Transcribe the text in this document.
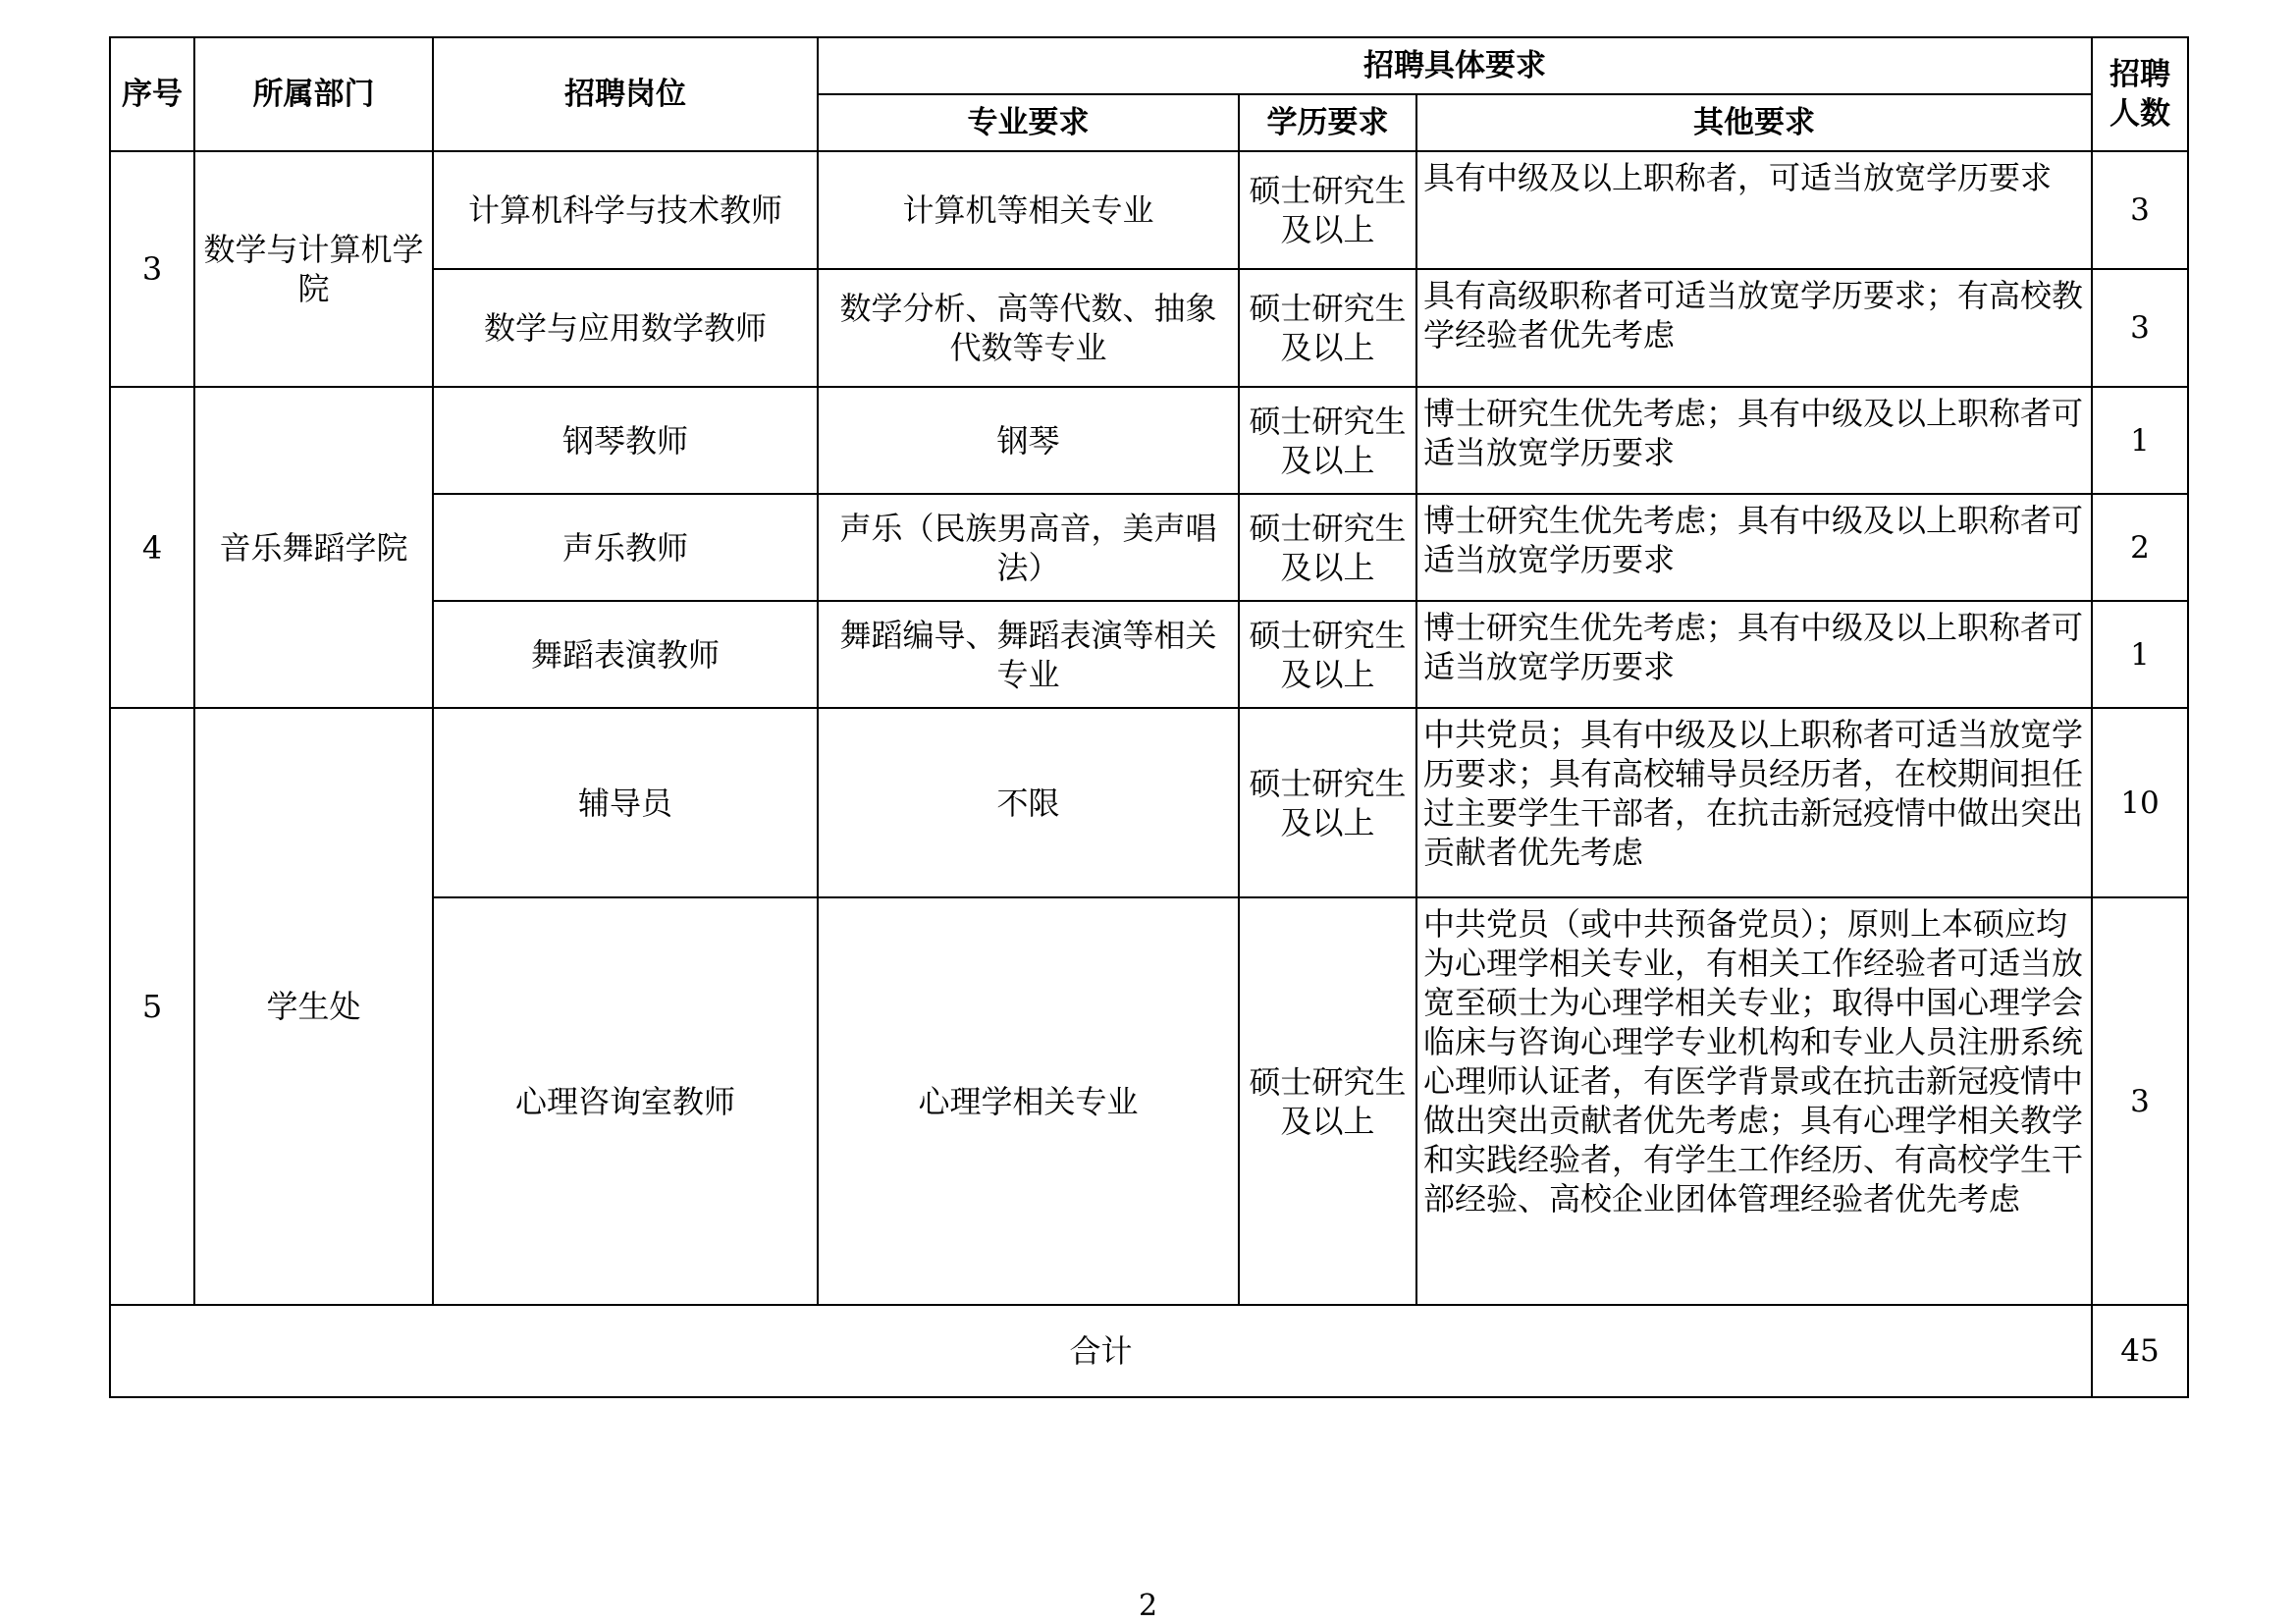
序号	所属部门	招聘岗位	招聘具体要求			招聘人数
			专业要求	学历要求	其他要求	
3	数学与计算机学院	计算机科学与技术教师	计算机等相关专业	硕士研究生及以上	具有中级及以上职称者，可适当放宽学历要求	3
		数学与应用数学教师	数学分析、高等代数、抽象代数等专业	硕士研究生及以上	具有高级职称者可适当放宽学历要求；有高校教学经验者优先考虑	3
4	音乐舞蹈学院	钢琴教师	钢琴	硕士研究生及以上	博士研究生优先考虑；具有中级及以上职称者可适当放宽学历要求	1
		声乐教师	声乐（民族男高音，美声唱法）	硕士研究生及以上	博士研究生优先考虑；具有中级及以上职称者可适当放宽学历要求	2
		舞蹈表演教师	舞蹈编导、舞蹈表演等相关专业	硕士研究生及以上	博士研究生优先考虑；具有中级及以上职称者可适当放宽学历要求	1
5	学生处	辅导员	不限	硕士研究生及以上	中共党员；具有中级及以上职称者可适当放宽学历要求；具有高校辅导员经历者，在校期间担任过主要学生干部者，在抗击新冠疫情中做出突出贡献者优先考虑	10
		心理咨询室教师	心理学相关专业	硕士研究生及以上	中共党员（或中共预备党员）；原则上本硕应均为心理学相关专业，有相关工作经验者可适当放宽至硕士为心理学相关专业；取得中国心理学会临床与咨询心理学专业机构和专业人员注册系统心理师认证者，有医学背景或在抗击新冠疫情中做出突出贡献者优先考虑；具有心理学相关教学和实践经验者，有学生工作经历、有高校学生干部经验、高校企业团体管理经验者优先考虑	3
合计						45
2
